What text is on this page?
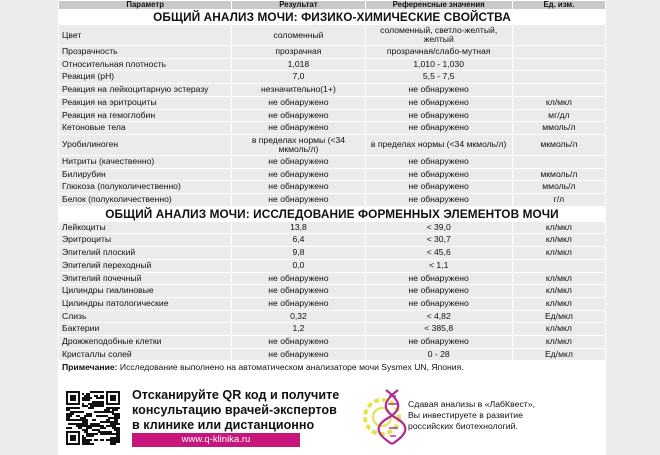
Параметр	Результат	Референсные значения	Ед. изм.
ОБЩИЙ АНАЛИЗ МОЧИ: ФИЗИКО-ХИМИЧЕСКИЕ СВОЙСТВА			
Цвет	соломенный	соломенный, светло-желтый, желтый	
Прозрачность	прозрачная	прозрачная/слабо-мутная	
Относительная плотность	1,018	1,010 - 1,030	
Реакция (pH)	7,0	5,5 - 7,5	
Реакция на лейкоцитарную эстеразу	незначительно(1+)	не обнаружено	
Реакция на эритроциты	не обнаружено	не обнаружено	кл/мкл
Реакция на гемоглобин	не обнаружено	не обнаружено	мг/дл
Кетоновые тела	не обнаружено	не обнаружено	ммоль/л
Уробилиноген	в пределах нормы (<34 мкмоль/л)	в пределах нормы (<34 мкмоль/л)	мкмоль/л
Нитриты (качественно)	не обнаружено	не обнаружено	
Билирубин	не обнаружено	не обнаружено	мкмоль/л
Глюкоза (полуколичественно)	не обнаружено	не обнаружено	ммоль/л
Белок (полуколичественно)	не обнаружено	не обнаружено	г/л
ОБЩИЙ АНАЛИЗ МОЧИ: ИССЛЕДОВАНИЕ ФОРМЕННЫХ ЭЛЕМЕНТОВ МОЧИ			
Лейкоциты	13,8	< 39,0	кл/мкл
Эритроциты	6,4	< 30,7	кл/мкл
Эпителий плоский	9,8	< 45,6	кл/мкл
Эпителий переходный	0,0	< 1,1	
Эпителий почечный	не обнаружено	не обнаружено	кл/мкл
Цилиндры гиалиновые	не обнаружено	не обнаружено	кл/мкл
Цилиндры патологические	не обнаружено	не обнаружено	кл/мкл
Слизь	0,32	< 4,82	Ед/мкл
Бактерии	1,2	< 385,8	кл/мкл
Дрожжеподобные клетки	не обнаружено	не обнаружено	кл/мкл
Кристаллы солей	не обнаружено	0 - 28	Ед/мкл
Примечание: Исследование выполнено на автоматическом анализаторе мочи Sysmex UN, Япония.			
Отсканируйте QR код и получите
консультацию врачей-экспертов
в клинике или дистанционно
www.q-klinika.ru
Сдавая анализы в «ЛабКвест»,
Вы инвестируете в развитие
российских биотехнологий.
